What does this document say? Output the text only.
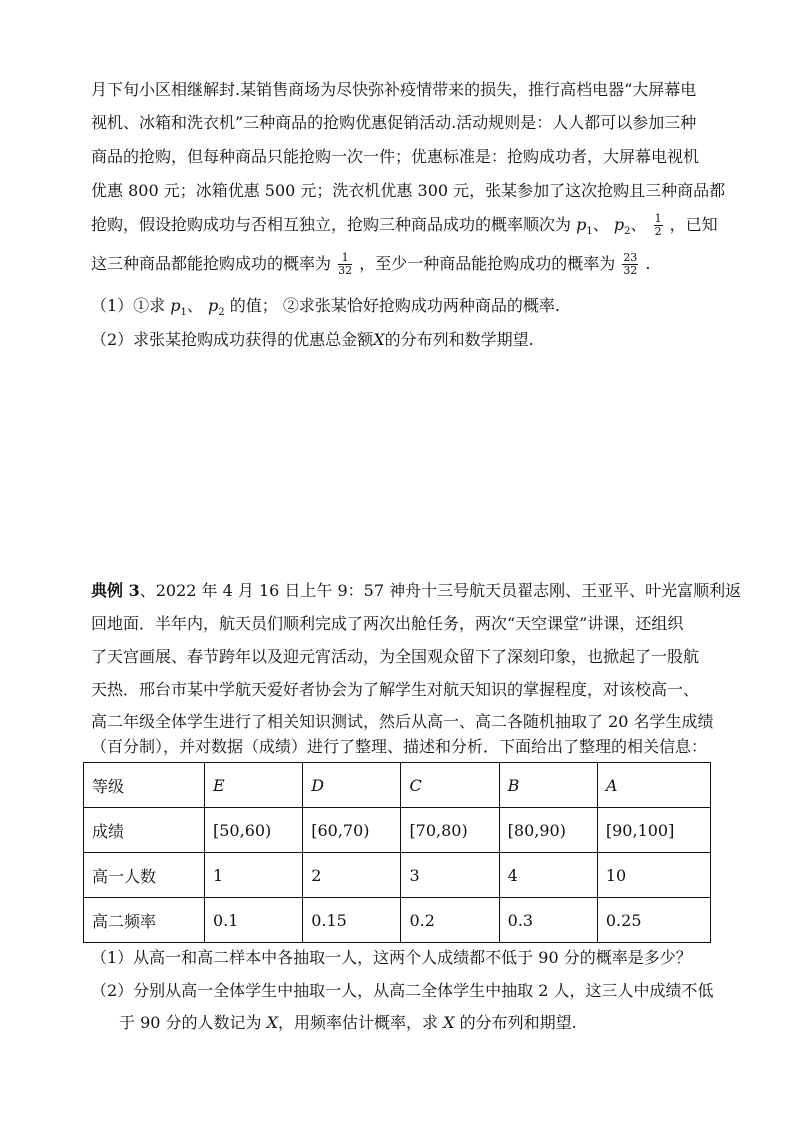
月下旬小区相继解封.某销售商场为尽快弥补疫情带来的损失，推行高档电器“大屏幕电
视机、冰箱和洗衣机”三种商品的抢购优惠促销活动.活动规则是：人人都可以参加三种
商品的抢购，但每种商品只能抢购一次一件；优惠标准是：抢购成功者，大屏幕电视机
优惠 800 元；冰箱优惠 500 元；洗衣机优惠 300 元，张某参加了这次抢购且三种商品都
抢购，假设抢购成功与否相互独立，抢购三种商品成功的概率顺次为 $p_1$、 $p_2$、 $\frac{1}{2}$ ，已知
这三种商品都能抢购成功的概率为 $\frac{1}{32}$ ，至少一种商品能抢购成功的概率为 $\frac{23}{32}$ .
（1）①求 $p_1$、 $p_2$ 的值； ②求张某恰好抢购成功两种商品的概率.
（2）求张某抢购成功获得的优惠总金额X的分布列和数学期望.
典例 3、2022 年 4 月 16 日上午 9：57 神舟十三号航天员翟志刚、王亚平、叶光富顺利返
回地面．半年内，航天员们顺利完成了两次出舱任务，两次“天空课堂”讲课，还组织
了天宫画展、春节跨年以及迎元宵活动，为全国观众留下了深刻印象，也掀起了一股航
天热．邢台市某中学航天爱好者协会为了解学生对航天知识的掌握程度，对该校高一、
高二年级全体学生进行了相关知识测试，然后从高一、高二各随机抽取了 20 名学生成绩
（百分制），并对数据（成绩）进行了整理、描述和分析．下面给出了整理的相关信息：
等级	E	D	C	B	A
成绩	[50,60)	[60,70)	[70,80)	[80,90)	[90,100]
高一人数	1	2	3	4	10
高二频率	0.1	0.15	0.2	0.3	0.25
（1）从高一和高二样本中各抽取一人，这两个人成绩都不低于 90 分的概率是多少？
（2）分别从高一全体学生中抽取一人，从高二全体学生中抽取 2 人，这三人中成绩不低
于 90 分的人数记为 X，用频率估计概率，求 X 的分布列和期望.
